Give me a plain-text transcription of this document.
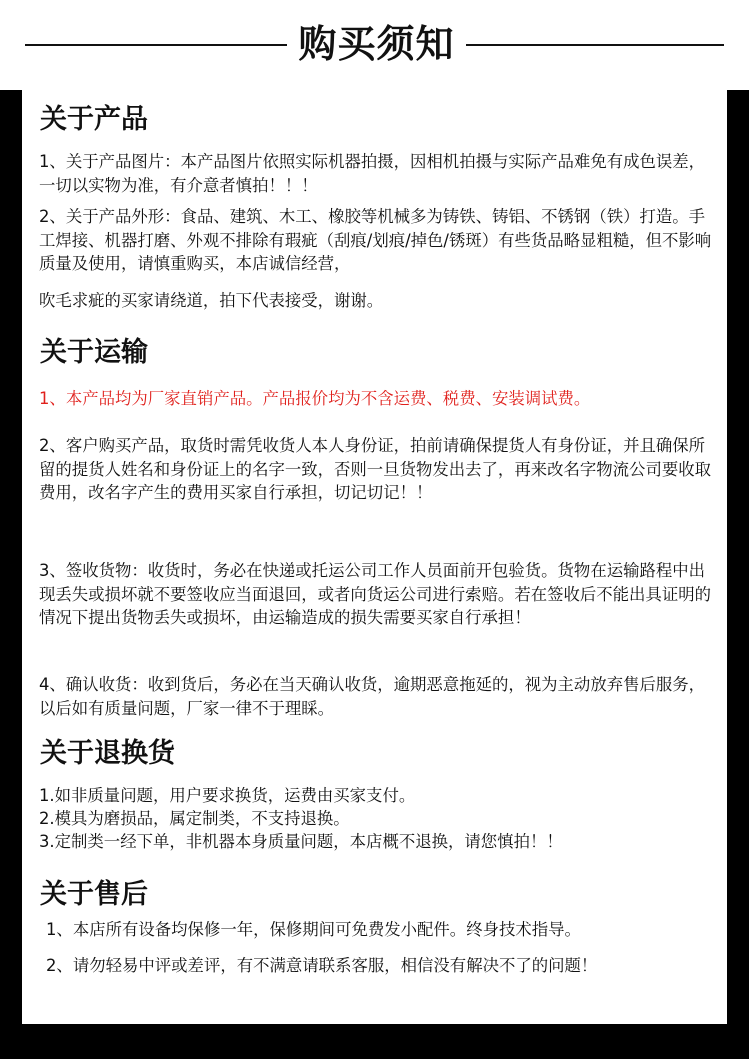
购买须知
关于产品
1、关于产品图片：本产品图片依照实际机器拍摄，因相机拍摄与实际产品难免有成色误差，一切以实物为准，有介意者慎拍！！！
2、关于产品外形：食品、建筑、木工、橡胶等机械多为铸铁、铸铝、不锈钢（铁）打造。手工焊接、机器打磨、外观不排除有瑕疵（刮痕/划痕/掉色/锈斑）有些货品略显粗糙，但不影响质量及使用，请慎重购买，本店诚信经营，
吹毛求疵的买家请绕道，拍下代表接受，谢谢。
关于运输
1、本产品均为厂家直销产品。产品报价均为不含运费、税费、安装调试费。
2、客户购买产品，取货时需凭收货人本人身份证，拍前请确保提货人有身份证，并且确保所留的提货人姓名和身份证上的名字一致，否则一旦货物发出去了，再来改名字物流公司要收取费用，改名字产生的费用买家自行承担，切记切记！！
3、签收货物：收货时，务必在快递或托运公司工作人员面前开包验货。货物在运输路程中出现丢失或损坏就不要签收应当面退回，或者向货运公司进行索赔。若在签收后不能出具证明的情况下提出货物丢失或损坏，由运输造成的损失需要买家自行承担！
4、确认收货：收到货后，务必在当天确认收货，逾期恶意拖延的，视为主动放弃售后服务，以后如有质量问题，厂家一律不于理睬。
关于退换货
1.如非质量问题，用户要求换货，运费由买家支付。
2.模具为磨损品，属定制类，不支持退换。
3.定制类一经下单，非机器本身质量问题，本店概不退换，请您慎拍！！
关于售后
1、本店所有设备均保修一年，保修期间可免费发小配件。终身技术指导。
2、请勿轻易中评或差评，有不满意请联系客服，相信没有解决不了的问题！
